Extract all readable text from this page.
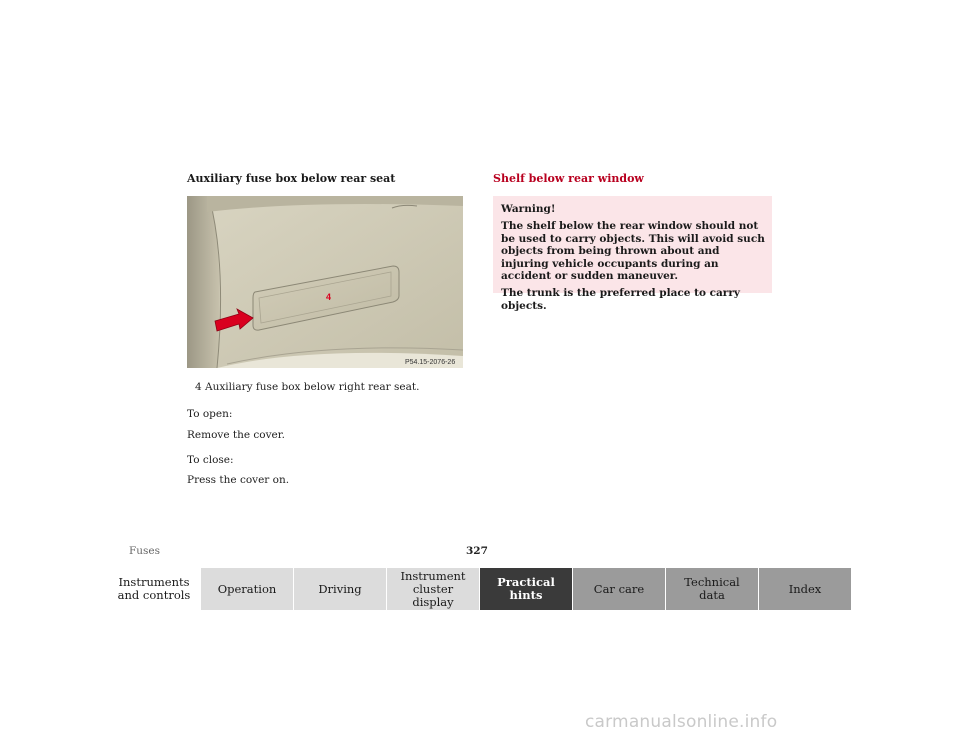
Auxiliary fuse box below rear seat	Shelf below rear window
4
P54.15-2076-26
4 Auxiliary fuse box below right rear seat.
To open:
Remove the cover.
To close:
Press the cover on.

Warning!

The shelf below the rear window should not be used to carry objects. This will avoid such objects from being thrown about and injuring vehicle occupants during an accident or sudden maneuver.

The trunk is the preferred place to carry objects.

Fuses	327
Instruments and controls	Operation	Driving
Instrument cluster display
Practical hints	Car care	Technical data	Index
carmanualsonline.info
